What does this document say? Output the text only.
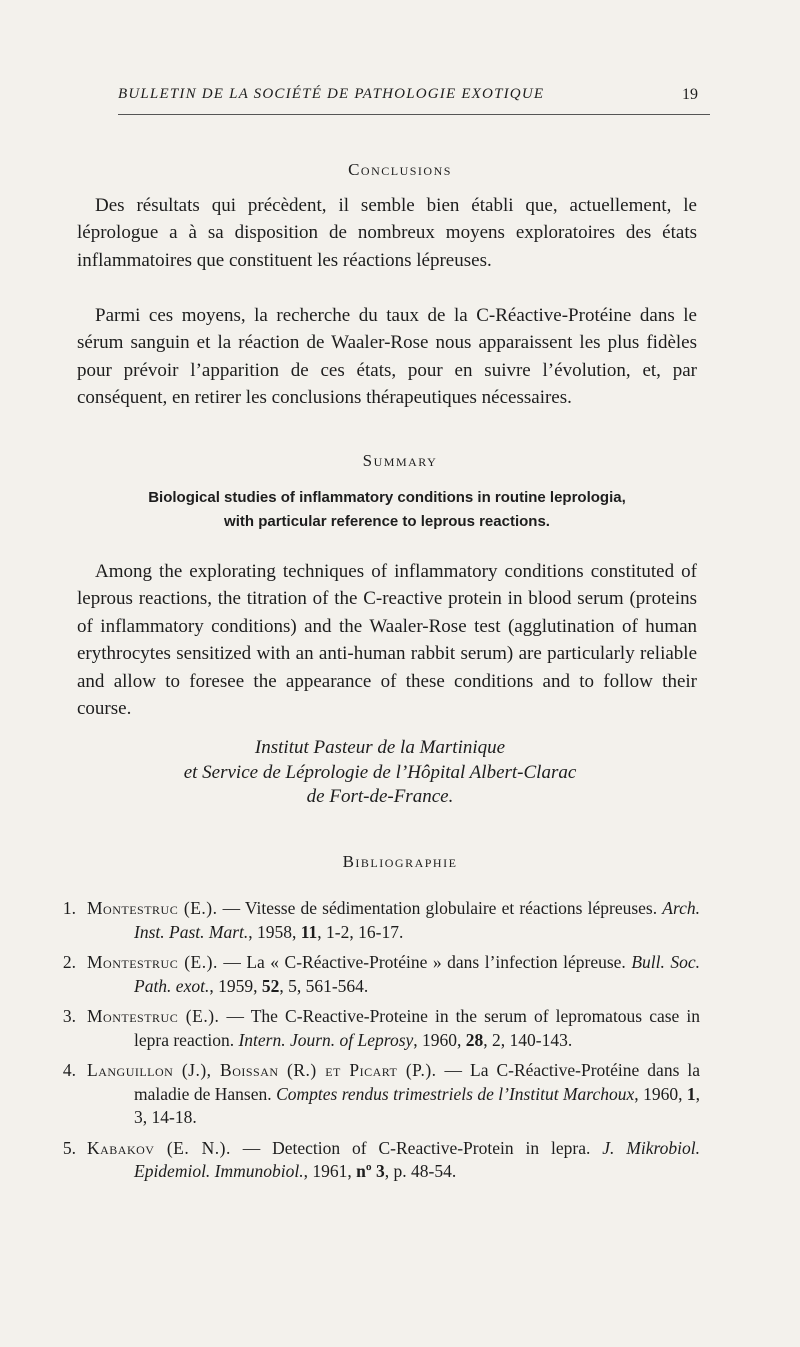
BULLETIN DE LA SOCIÉTÉ DE PATHOLOGIE EXOTIQUE	19
Conclusions

Des résultats qui précèdent, il semble bien établi que, actuellement, le léprologue a à sa disposition de nombreux moyens exploratoires des états inflammatoires que constituent les réactions lépreuses.

Parmi ces moyens, la recherche du taux de la C-Réactive-Protéine dans le sérum sanguin et la réaction de Waaler-Rose nous apparaissent les plus fidèles pour prévoir l’apparition de ces états, pour en suivre l’évolution, et, par conséquent, en retirer les conclusions thérapeutiques nécessaires.

Summary
Biological studies of inflammatory conditions in routine leprologia,
with particular reference to leprous reactions.

Among the explorating techniques of inflammatory conditions constituted of leprous reactions, the titration of the C-reactive protein in blood serum (proteins of inflammatory conditions) and the Waaler-Rose test (agglutination of human erythrocytes sensitized with an anti-human rabbit serum) are particularly reliable and allow to foresee the appearance of these conditions and to follow their course.

Institut Pasteur de la Martinique
et Service de Léprologie de l’Hôpital Albert-Clarac
de Fort-de-France.
Bibliographie
1. Montestruc (E.). — Vitesse de sédimentation globulaire et réactions lépreuses. Arch. Inst. Past. Mart., 1958, 11, 1-2, 16-17.
2. Montestruc (E.). — La « C-Réactive-Protéine » dans l’infection lépreuse. Bull. Soc. Path. exot., 1959, 52, 5, 561-564.
3. Montestruc (E.). — The C-Reactive-Proteine in the serum of lepromatous case in lepra reaction. Intern. Journ. of Leprosy, 1960, 28, 2, 140-143.
4. Languillon (J.), Boissan (R.) et Picart (P.). — La C-Réactive-Protéine dans la maladie de Hansen. Comptes rendus trimestriels de l’Institut Marchoux, 1960, 1, 3, 14-18.
5. Kabakov (E. N.). — Detection of C-Reactive-Protein in lepra. J. Mikrobiol. Epidemiol. Immunobiol., 1961, nº 3, p. 48-54.
